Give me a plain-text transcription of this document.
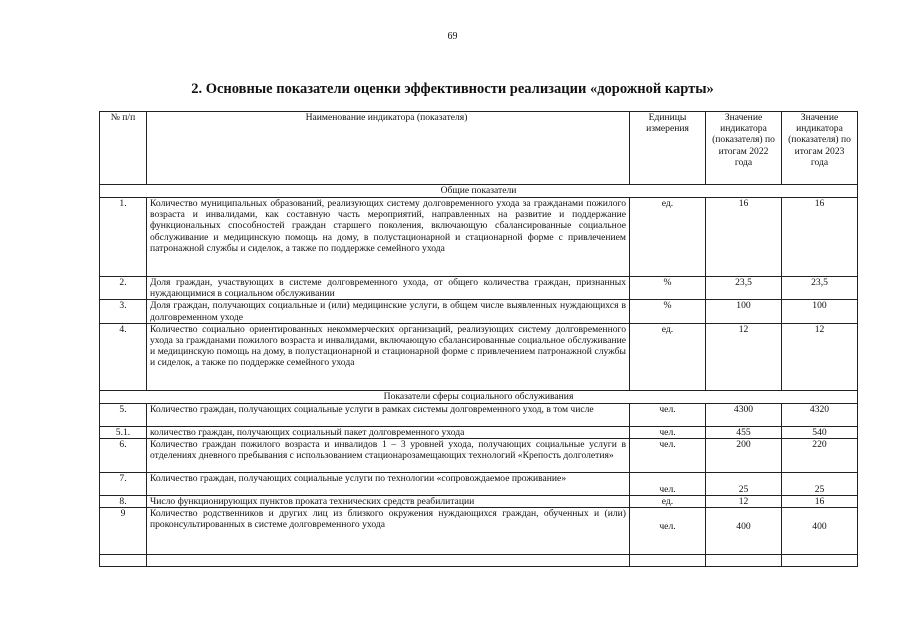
69
2. Основные показатели оценки эффективности реализации «дорожной карты»
№ п/п	Наименование индикатора (показателя)	Единицы измерения	Значение индикатора (показателя) по итогам 2022 года	Значение индикатора (показателя) по итогам 2023 года
Общие показатели				
1.	Количество муниципальных образований, реализующих систему долговременного ухода за гражданами пожилого возраста и инвалидами, как составную часть мероприятий, направленных на развитие и поддержание функциональных способностей граждан старшего поколения, включающую сбалансированные социальное обслуживание и медицинскую помощь на дому, в полустационарной и стационарной форме с привлечением патронажной службы и сиделок, а также по поддержке семейного ухода	ед.	16	16
2.	Доля граждан, участвующих в системе долговременного ухода, от общего количества граждан, признанных нуждающимися в социальном обслуживании	%	23,5	23,5
3.	Доля граждан, получающих социальные и (или) медицинские услуги, в общем числе выявленных нуждающихся в долговременном уходе	%	100	100
4.	Количество социально ориентированных некоммерческих организаций, реализующих систему долговременного ухода за гражданами пожилого возраста и инвалидами, включающую сбалансированные социальное обслуживание и медицинскую помощь на дому, в полустационарной и стационарной форме с привлечением патронажной службы и сиделок, а также по поддержке семейного ухода	ед.	12	12
Показатели сферы социального обслуживания				
5.	Количество граждан, получающих социальные услуги в рамках системы долговременного уход, в том числе	чел.	4300	4320
5.1.	количество граждан, получающих социальный пакет долговременного ухода	чел.	455	540
6.	Количество граждан пожилого возраста и инвалидов 1 – 3 уровней ухода, получающих социальные услуги в отделениях дневного пребывания с использованием стационарозамещающих технологий «Крепость долголетия»	чел.	200	220
7.	Количество граждан, получающих социальные услуги по технологии «сопровождаемое проживание»	чел.	25	25
8.	Число функционирующих пунктов проката технических средств реабилитации	ед.	12	16
9	Количество родственников и других лиц из близкого окружения нуждающихся граждан, обученных и (или) проконсультированных в системе долговременного ухода	чел.	400	400
